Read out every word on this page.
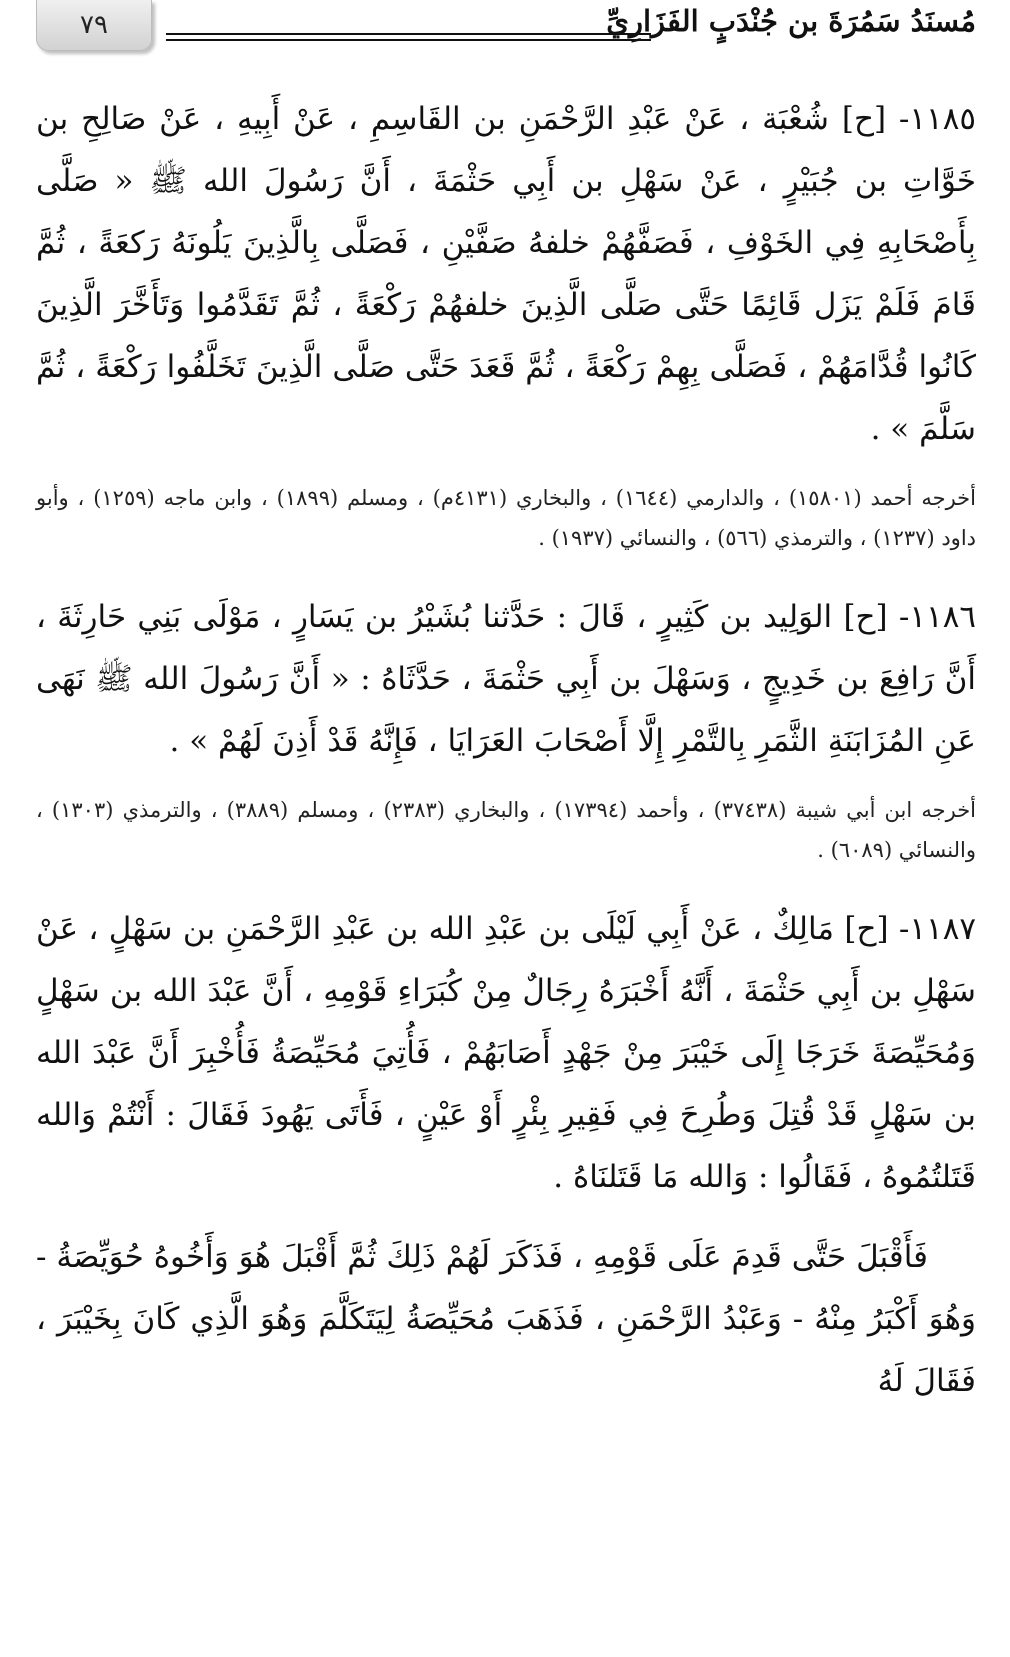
٧٩	مُسنَدُ سَمُرَةَ بن جُنْدَبٍ الفَزَارِيِّ

١١٨٥- [ح] شُعْبَة ، عَنْ عَبْدِ الرَّحْمَنِ بن القَاسِمِ ، عَنْ أَبِيهِ ، عَنْ صَالِحِ بن خَوَّاتِ بن جُبَيْرٍ ، عَنْ سَهْلِ بن أَبِي حَثْمَةَ ، أَنَّ رَسُولَ الله ﷺ « صَلَّى بِأَصْحَابِهِ فِي الخَوْفِ ، فَصَفَّهُمْ خلفهُ صَفَّيْنِ ، فَصَلَّى بِالَّذِينَ يَلُونَهُ رَكعَةً ، ثُمَّ قَامَ فَلَمْ يَزَل قَائِمًا حَتَّى صَلَّى الَّذِينَ خلفهُمْ رَكْعَةً ، ثُمَّ تَقَدَّمُوا وَتَأَخَّرَ الَّذِينَ كَانُوا قُدَّامَهُمْ ، فَصَلَّى بِهِمْ رَكْعَةً ، ثُمَّ قَعَدَ حَتَّى صَلَّى الَّذِينَ تَخَلَّفُوا رَكْعَةً ، ثُمَّ سَلَّمَ » .

أخرجه أحمد (١٥٨٠١) ، والدارمي (١٦٤٤) ، والبخاري (٤١٣١م) ، ومسلم (١٨٩٩) ، وابن ماجه (١٢٥٩) ، وأبو داود (١٢٣٧) ، والترمذي (٥٦٦) ، والنسائي (١٩٣٧) .

١١٨٦- [ح] الوَلِيد بن كَثِيرٍ ، قَالَ : حَدَّثنا بُشَيْرُ بن يَسَارٍ ، مَوْلَى بَنِي حَارِثَةَ ، أَنَّ رَافِعَ بن خَدِيجٍ ، وَسَهْلَ بن أَبِي حَثْمَةَ ، حَدَّثَاهُ : « أَنَّ رَسُولَ الله ﷺ نَهَى عَنِ المُزَابَنَةِ الثَّمَرِ بِالتَّمْرِ إِلَّا أَصْحَابَ العَرَايَا ، فَإِنَّهُ قَدْ أَذِنَ لَهُمْ » .

أخرجه ابن أبي شيبة (٣٧٤٣٨) ، وأحمد (١٧٣٩٤) ، والبخاري (٢٣٨٣) ، ومسلم (٣٨٨٩) ، والترمذي (١٣٠٣) ، والنسائي (٦٠٨٩) .

١١٨٧- [ح] مَالِكٌ ، عَنْ أَبِي لَيْلَى بن عَبْدِ الله بن عَبْدِ الرَّحْمَنِ بن سَهْلٍ ، عَنْ سَهْلِ بن أَبِي حَثْمَةَ ، أَنَّهُ أَخْبَرَهُ رِجَالٌ مِنْ كُبَرَاءِ قَوْمِهِ ، أَنَّ عَبْدَ الله بن سَهْلٍ وَمُحَيِّصَةَ خَرَجَا إِلَى خَيْبَرَ مِنْ جَهْدٍ أَصَابَهُمْ ، فَأُتِيَ مُحَيِّصَةُ فَأُخْبِرَ أَنَّ عَبْدَ الله بن سَهْلٍ قَدْ قُتِلَ وَطُرِحَ فِي فَقِيرِ بِئْرٍ أَوْ عَيْنٍ ، فَأَتَى يَهُودَ فَقَالَ : أَنْتُمْ وَالله قَتَلتُمُوهُ ، فَقَالُوا : وَالله مَا قَتَلنَاهُ .

فَأَقْبَلَ حَتَّى قَدِمَ عَلَى قَوْمِهِ ، فَذَكَرَ لَهُمْ ذَلِكَ ثُمَّ أَقْبَلَ هُوَ وَأَخُوهُ حُوَيِّصَةُ - وَهُوَ أَكْبَرُ مِنْهُ - وَعَبْدُ الرَّحْمَنِ ، فَذَهَبَ مُحَيِّصَةُ لِيَتَكَلَّمَ وَهُوَ الَّذِي كَانَ بِخَيْبَرَ ، فَقَالَ لَهُ
